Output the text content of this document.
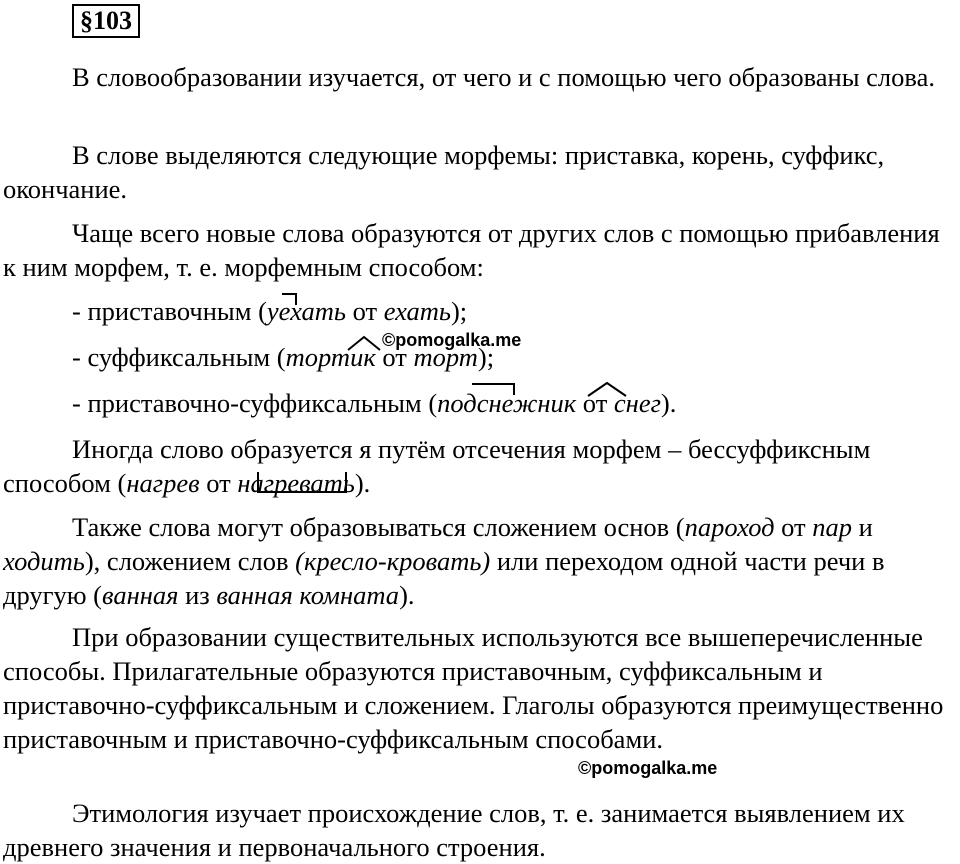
§103

В словообразовании изучается, от чего и с помощью чего образованы слова.

В слове выделяются следующие морфемы: приставка, корень, суффикс, окончание.

Чаще всего новые слова образуются от других слов с помощью прибавления к ним морфем, т. е. морфемным способом:

- приставочным (уехать от ехать);
- суффиксальным (тортик от торт);
- приставочно-суффиксальным (подснежник от снег).

Иногда слово образуется я путём отсечения морфем – бессуффиксным способом (нагрев от нагревать).

Также слова могут образовываться сложением основ (пароход от пар и ходить), сложением слов (кресло-кровать) или переходом одной части речи в другую (ванная из ванная комната).

При образовании существительных используются все вышеперечисленные способы. Прилагательные образуются приставочным, суффиксальным и приставочно-суффиксальным и сложением. Глаголы образуются преимущественно приставочным и приставочно-суффиксальным способами.

Этимология изучает происхождение слов, т. е. занимается выявлением их древнего значения и первоначального строения.

©pomogalka.me
©pomogalka.me
